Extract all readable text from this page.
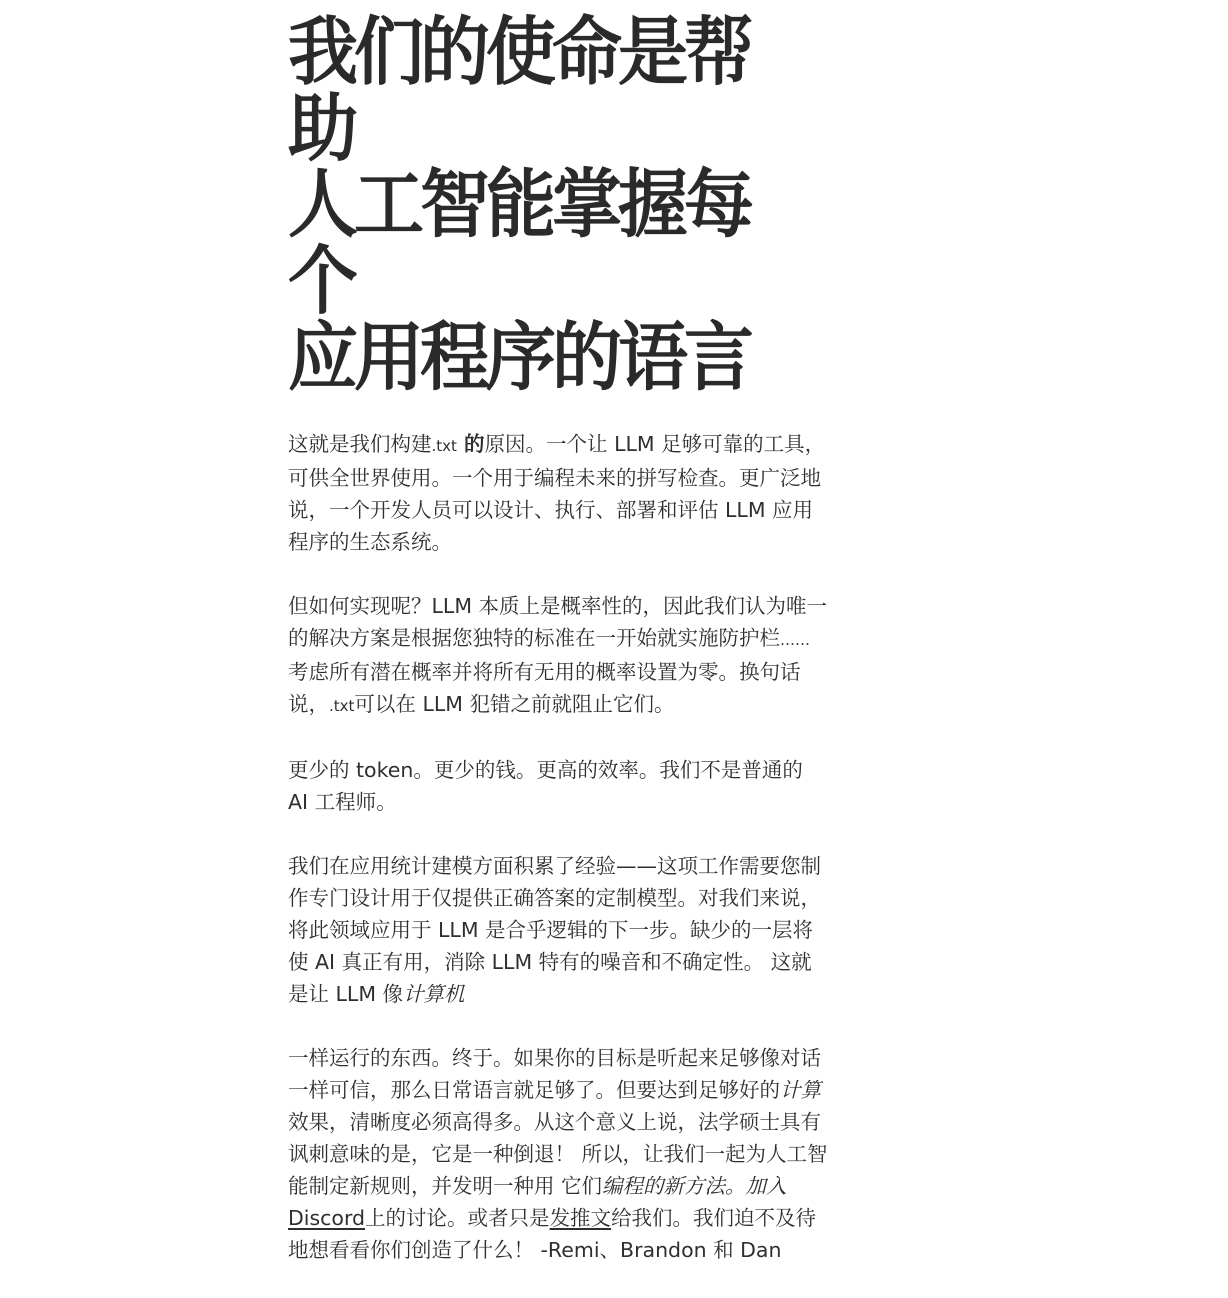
我们的使命是帮助
人工智能掌握每个
应用程序的语言

这就是我们构建.txt 的原因。一个让 LLM 足够可靠的工具，可供全世界使用。一个用于编程未来的拼写检查。更广泛地说，一个开发人员可以设计、执行、部署和评估 LLM 应用程序的生态系统。

但如何实现呢？LLM 本质上是概率性的，因此我们认为唯一的解决方案是根据您独特的标准在一开始就实施防护栏……考虑所有潜在概率并将所有无用的概率设置为零。换句话说，.txt可以在 LLM 犯错之前就阻止它们。

更少的 token。更少的钱。更高的效率。我们不是普通的 AI 工程师。

我们在应用统计建模方面积累了经验——这项工作需要您制作专门设计用于仅提供正确答案的定制模型。对我们来说，将此领域应用于 LLM 是合乎逻辑的下一步。缺少的一层将使 AI 真正有用，消除 LLM 特有的噪音和不确定性。 这就是让 LLM 像计算机

一样运行的东西。终于。如果你的目标是听起来足够像对话一样可信，那么日常语言就足够了。但要达到足够好的计算效果，清晰度必须高得多。从这个意义上说，法学硕士具有讽刺意味的是，它是一种倒退！ 所以，让我们一起为人工智能制定新规则，并发明一种用 它们编程的新方法。加入Discord上的讨论。或者只是发推文给我们。我们迫不及待地想看看你们创造了什么！ -Remi、Brandon 和 Dan
